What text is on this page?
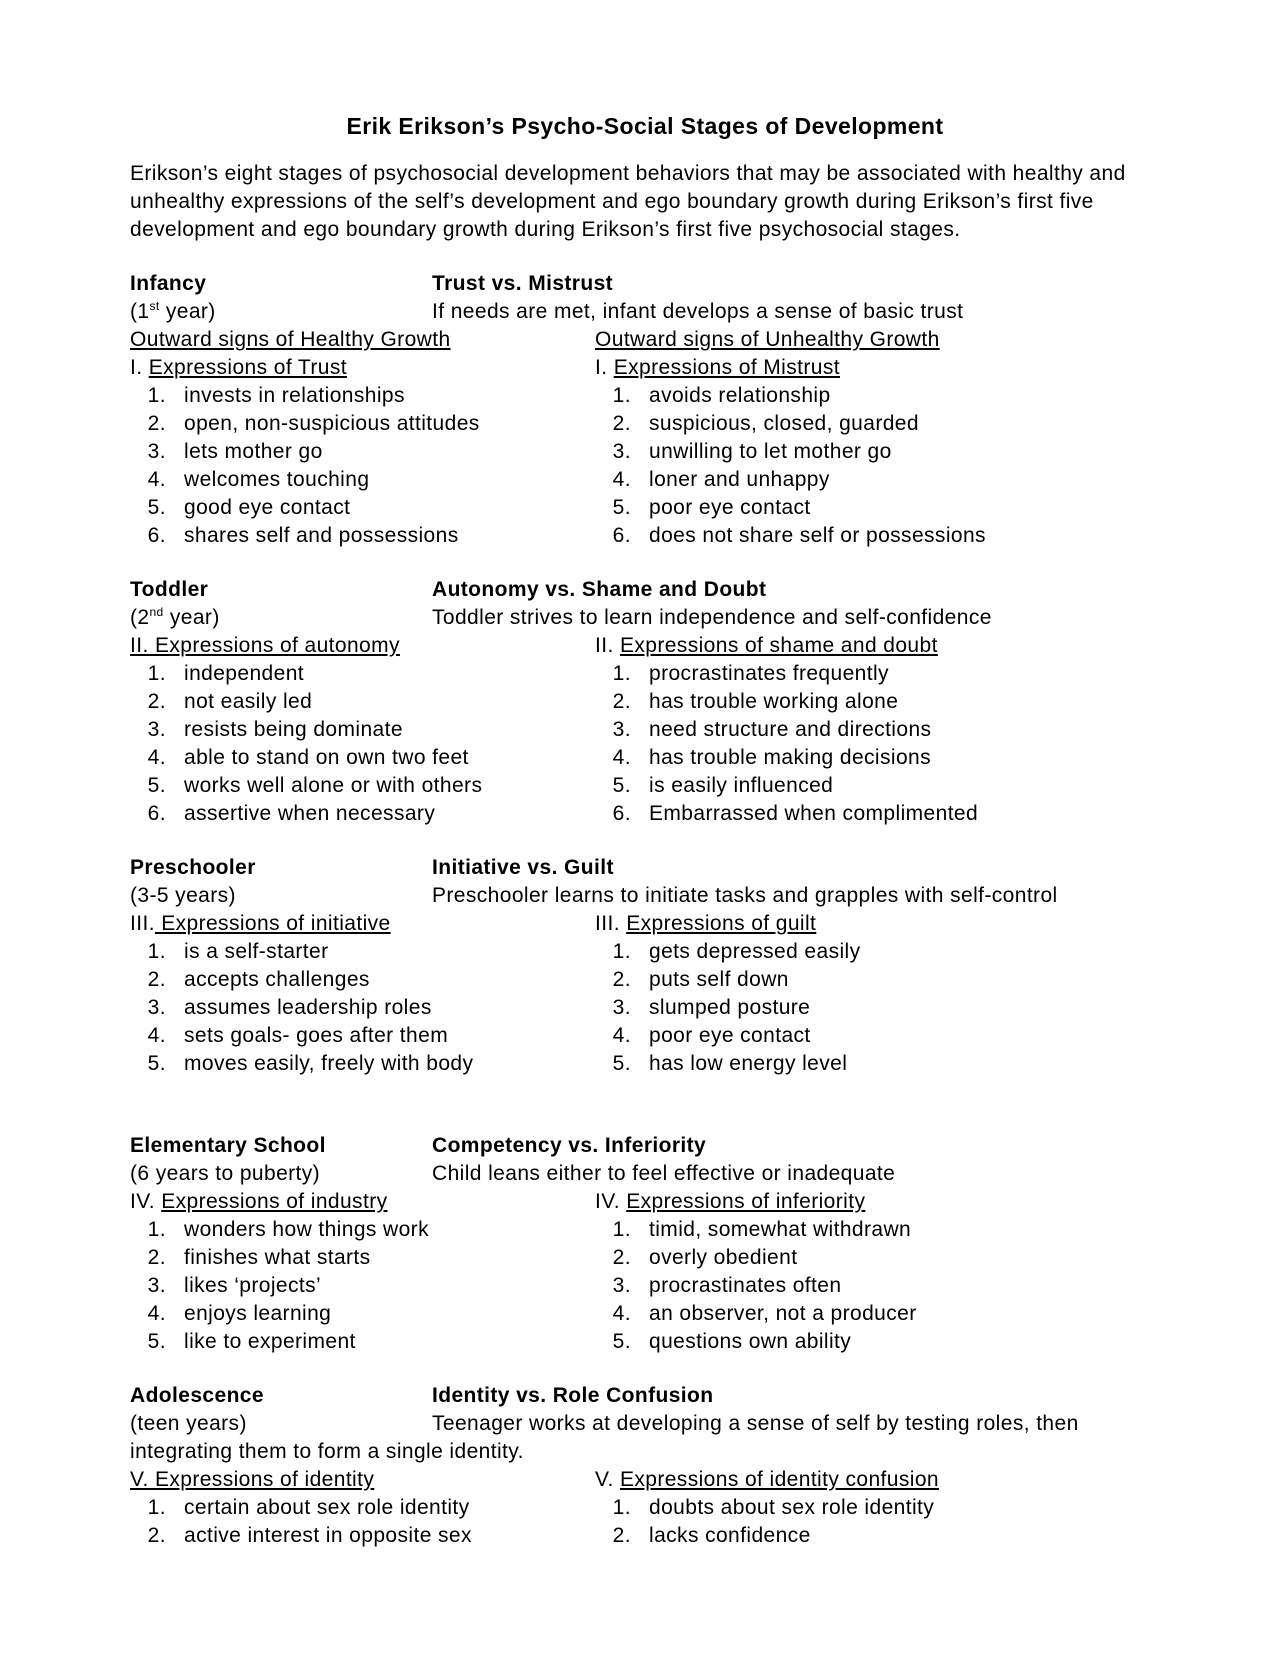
Erik Erikson’s Psycho-Social Stages of Development
Erikson’s eight stages of psychosocial development behaviors that may be associated with healthy and unhealthy expressions of the self’s development and ego boundary growth during Erikson’s first five development and ego boundary growth during Erikson’s first five psychosocial stages.
Infancy	Trust vs. Mistrust
(1st year)	If needs are met, infant develops a sense of basic trust
Outward signs of Healthy Growth	Outward signs of Unhealthy Growth
I. Expressions of Trust	I. Expressions of Mistrust
1. invests in relationships	1. avoids relationship
2. open, non-suspicious attitudes	2. suspicious, closed, guarded
3. lets mother go	3. unwilling to let mother go
4. welcomes touching	4. loner and unhappy
5. good eye contact	5. poor eye contact
6. shares self and possessions	6. does not share self or possessions
Toddler	Autonomy vs. Shame and Doubt
(2nd year)	Toddler strives to learn independence and self-confidence
II. Expressions of autonomy	II. Expressions of shame and doubt
1. independent	1. procrastinates frequently
2. not easily led	2. has trouble working alone
3. resists being dominate	3. need structure and directions
4. able to stand on own two feet	4. has trouble making decisions
5. works well alone or with others	5. is easily influenced
6. assertive when necessary	6. Embarrassed when complimented
Preschooler	Initiative vs. Guilt
(3-5 years)	Preschooler learns to initiate tasks and grapples with self-control
III. Expressions of initiative	III. Expressions of guilt
1. is a self-starter	1. gets depressed easily
2. accepts challenges	2. puts self down
3. assumes leadership roles	3. slumped posture
4. sets goals- goes after them	4. poor eye contact
5. moves easily, freely with body	5. has low energy level
Elementary School	Competency vs. Inferiority
(6 years to puberty)	Child leans either to feel effective or inadequate
IV. Expressions of industry	IV. Expressions of inferiority
1. wonders how things work	1. timid, somewhat withdrawn
2. finishes what starts	2. overly obedient
3. likes ‘projects’	3. procrastinates often
4. enjoys learning	4. an observer, not a producer
5. like to experiment	5. questions own ability
Adolescence	Identity vs. Role Confusion
(teen years)	Teenager works at developing a sense of self by testing roles, then integrating them to form a single identity.
V. Expressions of identity	V. Expressions of identity confusion
1. certain about sex role identity	1. doubts about sex role identity
2. active interest in opposite sex	2. lacks confidence
